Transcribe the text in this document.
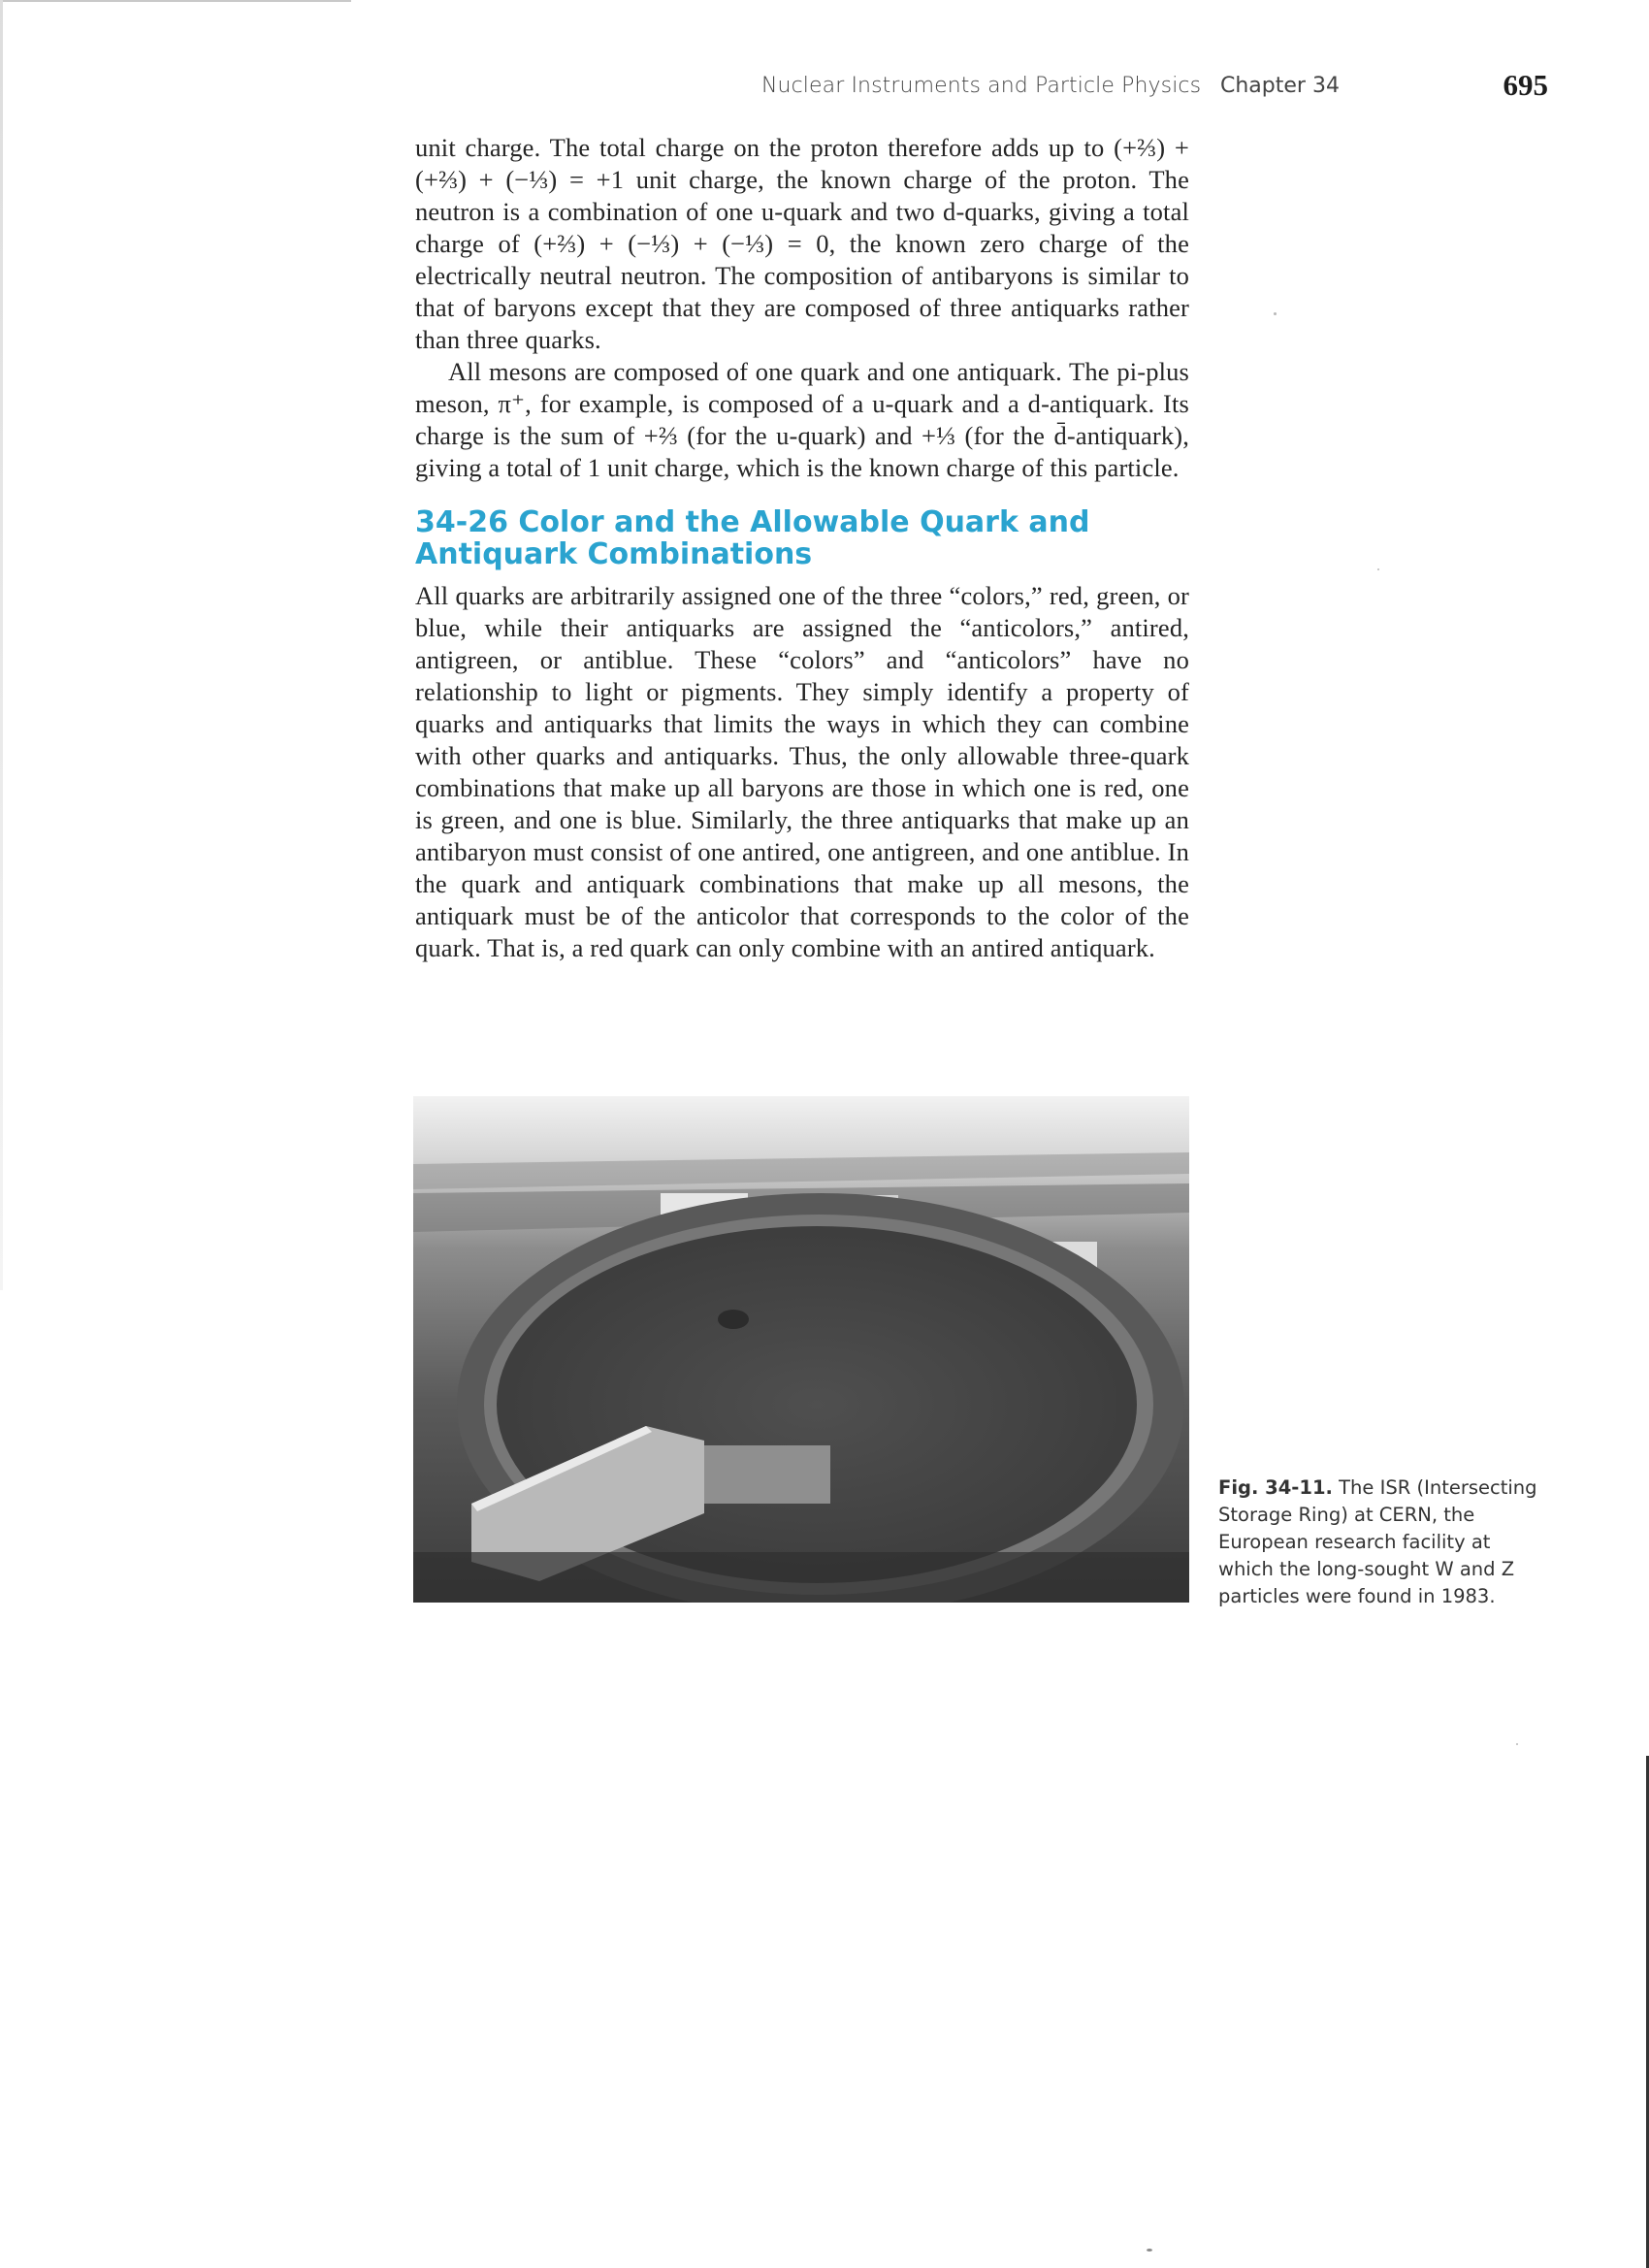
Nuclear Instruments and Particle Physics Chapter 34	695

unit charge. The total charge on the proton therefore adds up to (+⅔) + (+⅔) + (−⅓) = +1 unit charge, the known charge of the proton. The neutron is a combination of one u-quark and two d-quarks, giving a total charge of (+⅔) + (−⅓) + (−⅓) = 0, the known zero charge of the electrically neutral neutron. The composition of antibaryons is similar to that of baryons except that they are composed of three antiquarks rather than three quarks.

All mesons are composed of one quark and one antiquark. The pi-plus meson, π⁺, for example, is composed of a u-quark and a d-antiquark. Its charge is the sum of +⅔ (for the u-quark) and +⅓ (for the d̄-antiquark), giving a total of 1 unit charge, which is the known charge of this particle.

34-26 Color and the Allowable Quark and
Antiquark Combinations

All quarks are arbitrarily assigned one of the three “colors,” red, green, or blue, while their antiquarks are assigned the “anticolors,” antired, antigreen, or antiblue. These “colors” and “anticolors” have no relationship to light or pigments. They simply identify a property of quarks and antiquarks that limits the ways in which they can combine with other quarks and antiquarks. Thus, the only allowable three-quark combinations that make up all baryons are those in which one is red, one is green, and one is blue. Similarly, the three antiquarks that make up an antibaryon must consist of one antired, one antigreen, and one antiblue. In the quark and antiquark combinations that make up all mesons, the antiquark must be of the anticolor that corresponds to the color of the quark. That is, a red quark can only combine with an antired antiquark.

Fig. 34-11. The ISR (Intersecting Storage Ring) at CERN, the European research facility at which the long-sought W and Z particles were found in 1983.
